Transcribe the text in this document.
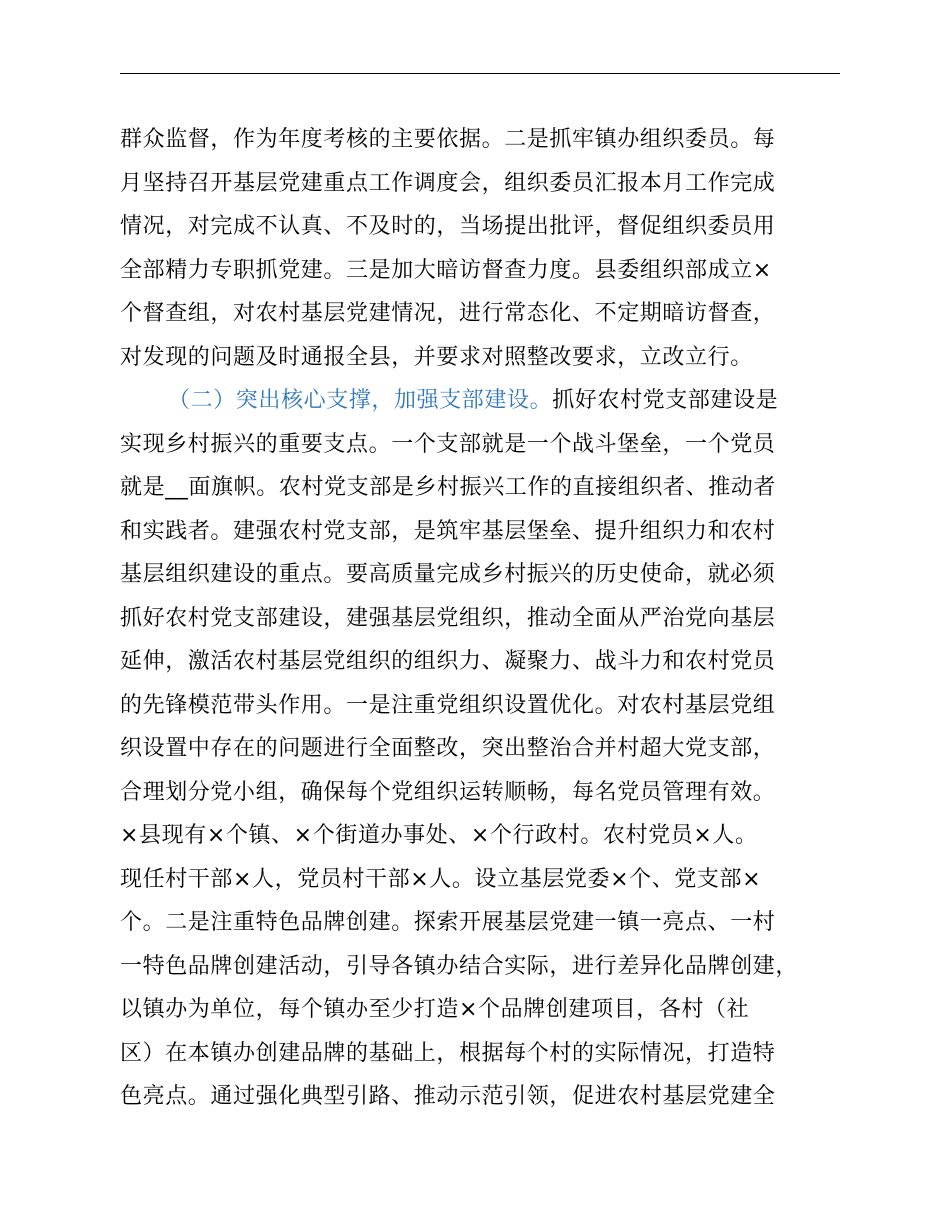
群众监督，作为年度考核的主要依据。二是抓牢镇办组织委员。每
月坚持召开基层党建重点工作调度会，组织委员汇报本月工作完成
情况，对完成不认真、不及时的，当场提出批评，督促组织委员用
全部精力专职抓党建。三是加大暗访督查力度。县委组织部成立×
个督查组，对农村基层党建情况，进行常态化、不定期暗访督查，
对发现的问题及时通报全县，并要求对照整改要求，立改立行。
（二）突出核心支撑，加强支部建设。抓好农村党支部建设是
实现乡村振兴的重要支点。一个支部就是一个战斗堡垒，一个党员
就是__面旗帜。农村党支部是乡村振兴工作的直接组织者、推动者
和实践者。建强农村党支部，是筑牢基层堡垒、提升组织力和农村
基层组织建设的重点。要高质量完成乡村振兴的历史使命，就必须
抓好农村党支部建设，建强基层党组织，推动全面从严治党向基层
延伸，激活农村基层党组织的组织力、凝聚力、战斗力和农村党员
的先锋模范带头作用。一是注重党组织设置优化。对农村基层党组
织设置中存在的问题进行全面整改，突出整治合并村超大党支部，
合理划分党小组，确保每个党组织运转顺畅，每名党员管理有效。
×县现有×个镇、×个街道办事处、×个行政村。农村党员×人。
现任村干部×人，党员村干部×人。设立基层党委×个、党支部×
个。二是注重特色品牌创建。探索开展基层党建一镇一亮点、一村
一特色品牌创建活动，引导各镇办结合实际，进行差异化品牌创建，
以镇办为单位，每个镇办至少打造×个品牌创建项目，各村（社
区）在本镇办创建品牌的基础上，根据每个村的实际情况，打造特
色亮点。通过强化典型引路、推动示范引领，促进农村基层党建全
